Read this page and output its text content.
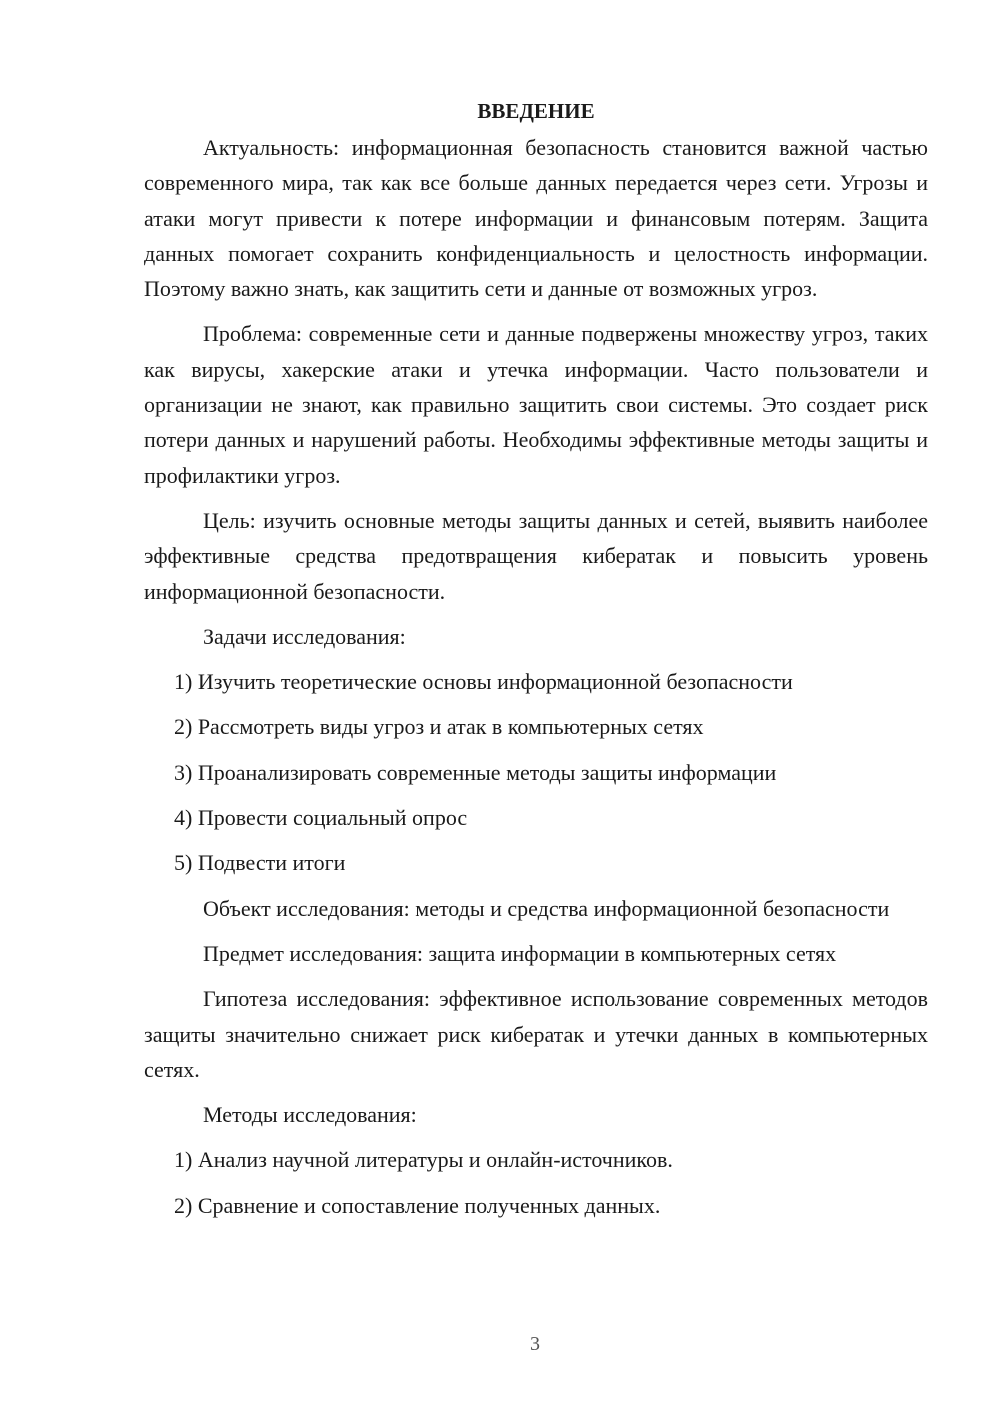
ВВЕДЕНИЕ

Актуальность: информационная безопасность становится важной частью современного мира, так как все больше данных передается через сети. Угрозы и атаки могут привести к потере информации и финансовым потерям. Защита данных помогает сохранить конфиденциальность и целостность информации. Поэтому важно знать, как защитить сети и данные от возможных угроз.

Проблема: современные сети и данные подвержены множеству угроз, таких как вирусы, хакерские атаки и утечка информации. Часто пользователи и организации не знают, как правильно защитить свои системы. Это создает риск потери данных и нарушений работы. Необходимы эффективные методы защиты и профилактики угроз.

Цель: изучить основные методы защиты данных и сетей, выявить наиболее эффективные средства предотвращения кибератак и повысить уровень информационной безопасности.

Задачи исследования:
1) Изучить теоретические основы информационной безопасности
2) Рассмотреть виды угроз и атак в компьютерных сетях
3) Проанализировать современные методы защиты информации
4) Провести социальный опрос
5) Подвести итоги

Объект исследования: методы и средства информационной безопасности

Предмет исследования: защита информации в компьютерных сетях

Гипотеза исследования: эффективное использование современных методов защиты значительно снижает риск кибератак и утечки данных в компьютерных сетях.

Методы исследования:
1) Анализ научной литературы и онлайн-источников.
2) Сравнение и сопоставление полученных данных.
3
